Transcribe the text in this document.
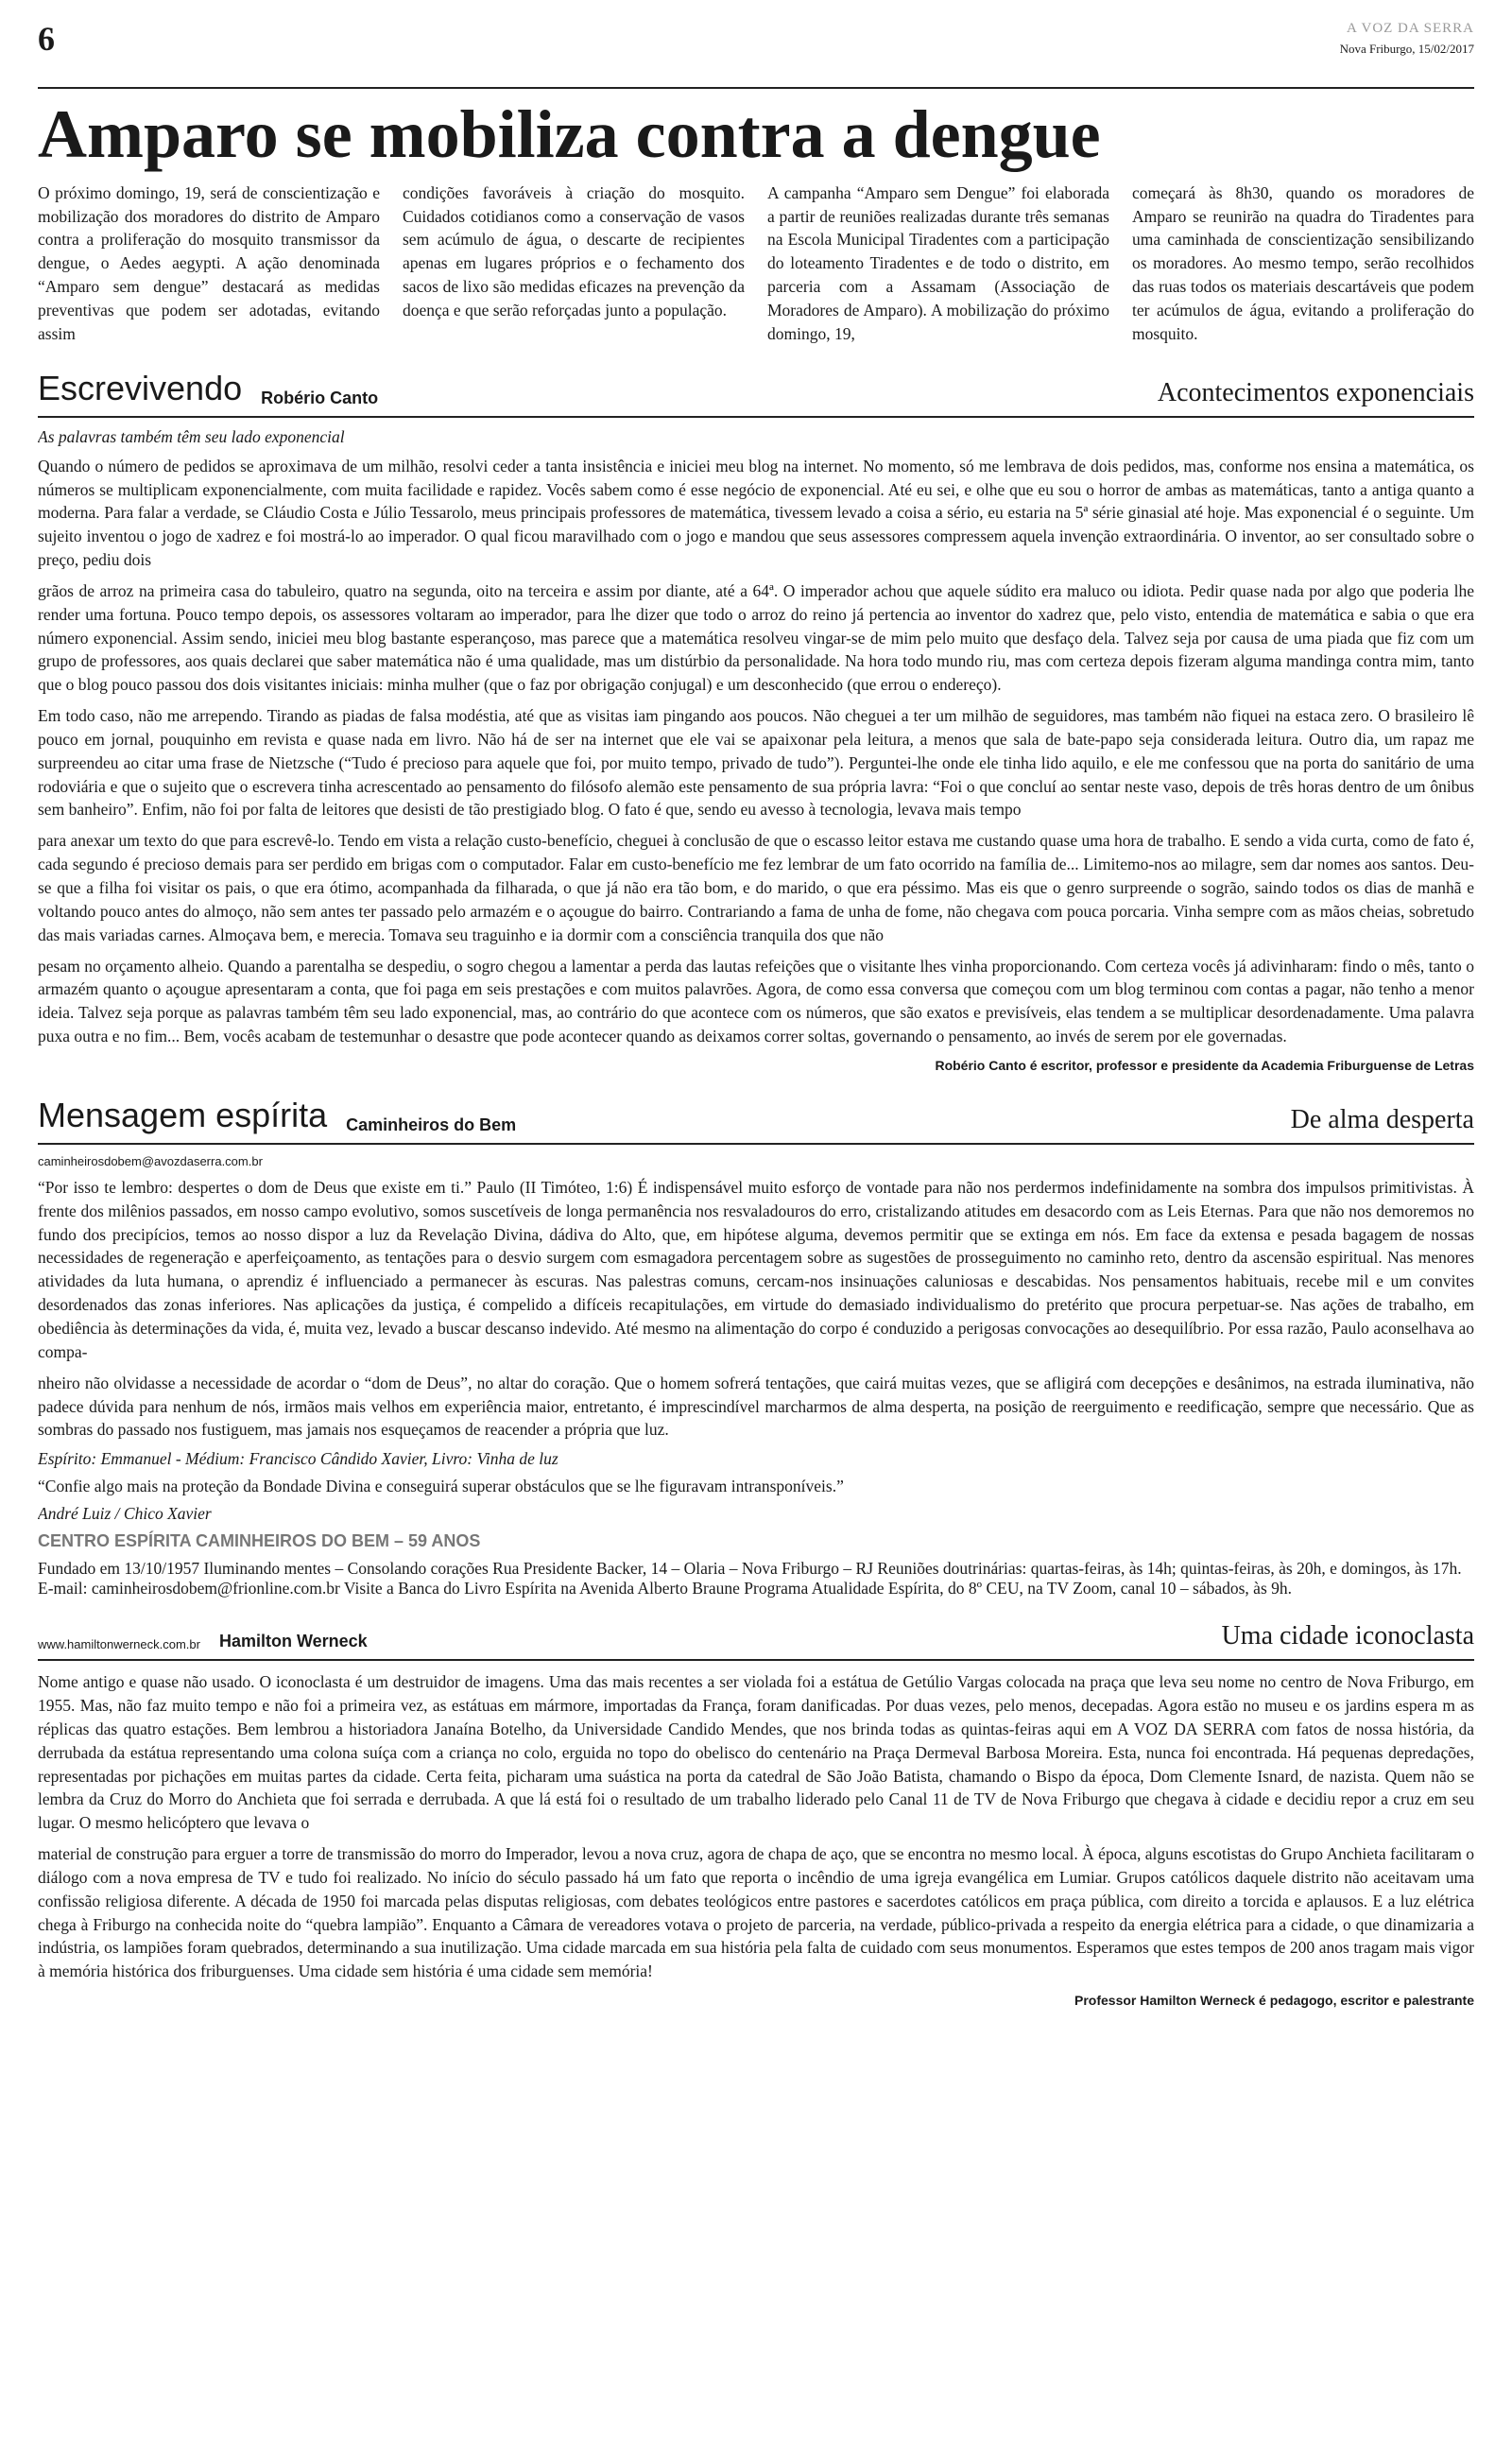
6	A VOZ DA SERRA
Nova Friburgo, 15/02/2017
Amparo se mobiliza contra a dengue

O próximo domingo, 19, será de conscientização e mobilização dos moradores do distrito de Amparo contra a proliferação do mosquito transmissor da dengue, o Aedes aegypti. A ação denominada “Amparo sem dengue” destacará as medidas preventivas que podem ser adotadas, evitando assim

condições favoráveis à criação do mosquito. Cuidados cotidianos como a conservação de vasos sem acúmulo de água, o descarte de recipientes apenas em lugares próprios e o fechamento dos sacos de lixo são medidas eficazes na prevenção da doença e que serão reforçadas junto a população.

A campanha “Amparo sem Dengue” foi elaborada a partir de reuniões realizadas durante três semanas na Escola Municipal Tiradentes com a participação do loteamento Tiradentes e de todo o distrito, em parceria com a Assamam (Associação de Moradores de Amparo). A mobilização do próximo domingo, 19,

começará às 8h30, quando os moradores de Amparo se reunirão na quadra do Tiradentes para uma caminhada de conscientização sensibilizando os moradores. Ao mesmo tempo, serão recolhidos das ruas todos os materiais descartáveis que podem ter acúmulos de água, evitando a proliferação do mosquito.

Escrevivendo Robério Canto	Acontecimentos exponenciais
As palavras também têm seu lado exponencial

Quando o número de pedidos se aproximava de um milhão, resolvi ceder a tanta insistência e iniciei meu blog na internet. No momento, só me lembrava de dois pedidos, mas, conforme nos ensina a matemática, os números se multiplicam exponencialmente, com muita facilidade e rapidez. Vocês sabem como é esse negócio de exponencial. Até eu sei, e olhe que eu sou o horror de ambas as matemáticas, tanto a antiga quanto a moderna. Para falar a verdade, se Cláudio Costa e Júlio Tessarolo, meus principais professores de matemática, tivessem levado a coisa a sério, eu estaria na 5ª série ginasial até hoje. Mas exponencial é o seguinte. Um sujeito inventou o jogo de xadrez e foi mostrá-lo ao imperador. O qual ficou maravilhado com o jogo e mandou que seus assessores compressem aquela invenção extraordinária. O inventor, ao ser consultado sobre o preço, pediu dois

grãos de arroz na primeira casa do tabuleiro, quatro na segunda, oito na terceira e assim por diante, até a 64ª. O imperador achou que aquele súdito era maluco ou idiota. Pedir quase nada por algo que poderia lhe render uma fortuna. Pouco tempo depois, os assessores voltaram ao imperador, para lhe dizer que todo o arroz do reino já pertencia ao inventor do xadrez que, pelo visto, entendia de matemática e sabia o que era número exponencial. Assim sendo, iniciei meu blog bastante esperançoso, mas parece que a matemática resolveu vingar-se de mim pelo muito que desfaço dela. Talvez seja por causa de uma piada que fiz com um grupo de professores, aos quais declarei que saber matemática não é uma qualidade, mas um distúrbio da personalidade. Na hora todo mundo riu, mas com certeza depois fizeram alguma mandinga contra mim, tanto que o blog pouco passou dos dois visitantes iniciais: minha mulher (que o faz por obrigação conjugal) e um desconhecido (que errou o endereço).

Em todo caso, não me arrependo. Tirando as piadas de falsa modéstia, até que as visitas iam pingando aos poucos. Não cheguei a ter um milhão de seguidores, mas também não fiquei na estaca zero. O brasileiro lê pouco em jornal, pouquinho em revista e quase nada em livro. Não há de ser na internet que ele vai se apaixonar pela leitura, a menos que sala de bate-papo seja considerada leitura. Outro dia, um rapaz me surpreendeu ao citar uma frase de Nietzsche (“Tudo é precioso para aquele que foi, por muito tempo, privado de tudo”). Perguntei-lhe onde ele tinha lido aquilo, e ele me confessou que na porta do sanitário de uma rodoviária e que o sujeito que o escrevera tinha acrescentado ao pensamento do filósofo alemão este pensamento de sua própria lavra: “Foi o que concluí ao sentar neste vaso, depois de três horas dentro de um ônibus sem banheiro”. Enfim, não foi por falta de leitores que desisti de tão prestigiado blog. O fato é que, sendo eu avesso à tecnologia, levava mais tempo

para anexar um texto do que para escrevê-lo. Tendo em vista a relação custo-benefício, cheguei à conclusão de que o escasso leitor estava me custando quase uma hora de trabalho. E sendo a vida curta, como de fato é, cada segundo é precioso demais para ser perdido em brigas com o computador. Falar em custo-benefício me fez lembrar de um fato ocorrido na família de... Limitemo-nos ao milagre, sem dar nomes aos santos. Deu-se que a filha foi visitar os pais, o que era ótimo, acompanhada da filharada, o que já não era tão bom, e do marido, o que era péssimo. Mas eis que o genro surpreende o sogrão, saindo todos os dias de manhã e voltando pouco antes do almoço, não sem antes ter passado pelo armazém e o açougue do bairro. Contrariando a fama de unha de fome, não chegava com pouca porcaria. Vinha sempre com as mãos cheias, sobretudo das mais variadas carnes. Almoçava bem, e merecia. Tomava seu traguinho e ia dormir com a consciência tranquila dos que não

pesam no orçamento alheio. Quando a parentalha se despediu, o sogro chegou a lamentar a perda das lautas refeições que o visitante lhes vinha proporcionando. Com certeza vocês já adivinharam: findo o mês, tanto o armazém quanto o açougue apresentaram a conta, que foi paga em seis prestações e com muitos palavrões. Agora, de como essa conversa que começou com um blog terminou com contas a pagar, não tenho a menor ideia. Talvez seja porque as palavras também têm seu lado exponencial, mas, ao contrário do que acontece com os números, que são exatos e previsíveis, elas tendem a se multiplicar desordenadamente. Uma palavra puxa outra e no fim... Bem, vocês acabam de testemunhar o desastre que pode acontecer quando as deixamos correr soltas, governando o pensamento, ao invés de serem por ele governadas.

Robério Canto é escritor, professor e presidente da Academia Friburguense de Letras
Mensagem espírita Caminheiros do Bem	De alma desperta
caminheirosdobem@avozdaserra.com.br

“Por isso te lembro: despertes o dom de Deus que existe em ti.” Paulo (II Timóteo, 1:6) É indispensável muito esforço de vontade para não nos perdermos indefinidamente na sombra dos impulsos primitivistas. À frente dos milênios passados, em nosso campo evolutivo, somos suscetíveis de longa permanência nos resvaladouros do erro, cristalizando atitudes em desacordo com as Leis Eternas. Para que não nos demoremos no fundo dos precipícios, temos ao nosso dispor a luz da Revelação Divina, dádiva do Alto, que, em hipótese alguma, devemos permitir que se extinga em nós. Em face da extensa e pesada bagagem de nossas necessidades de regeneração e aperfeiçoamento, as tentações para o desvio surgem com esmagadora percentagem sobre as sugestões de prosseguimento no caminho reto, dentro da ascensão espiritual. Nas menores atividades da luta humana, o aprendiz é influenciado a permanecer às escuras. Nas palestras comuns, cercam-nos insinuações caluniosas e descabidas. Nos pensamentos habituais, recebe mil e um convites desordenados das zonas inferiores. Nas aplicações da justiça, é compelido a difíceis recapitulações, em virtude do demasiado individualismo do pretérito que procura perpetuar-se. Nas ações de trabalho, em obediência às determinações da vida, é, muita vez, levado a buscar descanso indevido. Até mesmo na alimentação do corpo é conduzido a perigosas convocações ao desequilíbrio. Por essa razão, Paulo aconselhava ao compa-

nheiro não olvidasse a necessidade de acordar o “dom de Deus”, no altar do coração. Que o homem sofrerá tentações, que cairá muitas vezes, que se afligirá com decepções e desânimos, na estrada iluminativa, não padece dúvida para nenhum de nós, irmãos mais velhos em experiência maior, entretanto, é imprescindível marcharmos de alma desperta, na posição de reerguimento e reedificação, sempre que necessário. Que as sombras do passado nos fustiguem, mas jamais nos esqueçamos de reacender a própria que luz.

Espírito: Emmanuel - Médium: Francisco Cândido Xavier, Livro: Vinha de luz
“Confie algo mais na proteção da Bondade Divina e conseguirá superar obstáculos que se lhe figuravam intransponíveis.”
André Luiz / Chico Xavier
CENTRO ESPÍRITA CAMINHEIROS DO BEM – 59 ANOS
Fundado em 13/10/1957 Iluminando mentes – Consolando corações Rua Presidente Backer, 14 – Olaria – Nova Friburgo – RJ Reuniões doutrinárias: quartas-feiras, às 14h; quintas-feiras, às 20h, e domingos, às 17h. E-mail: caminheirosdobem@frionline.com.br Visite a Banca do Livro Espírita na Avenida Alberto Braune Programa Atualidade Espírita, do 8º CEU, na TV Zoom, canal 10 – sábados, às 9h.
www.hamiltonwerneck.com.br Hamilton Werneck	Uma cidade iconoclasta

Nome antigo e quase não usado. O iconoclasta é um destruidor de imagens. Uma das mais recentes a ser violada foi a estátua de Getúlio Vargas colocada na praça que leva seu nome no centro de Nova Friburgo, em 1955. Mas, não faz muito tempo e não foi a primeira vez, as estátuas em mármore, importadas da França, foram danificadas. Por duas vezes, pelo menos, decepadas. Agora estão no museu e os jardins espera m as réplicas das quatro estações. Bem lembrou a historiadora Janaína Botelho, da Universidade Candido Mendes, que nos brinda todas as quintas-feiras aqui em A VOZ DA SERRA com fatos de nossa história, da derrubada da estátua representando uma colona suíça com a criança no colo, erguida no topo do obelisco do centenário na Praça Dermeval Barbosa Moreira. Esta, nunca foi encontrada. Há pequenas depredações, representadas por pichações em muitas partes da cidade. Certa feita, picharam uma suástica na porta da catedral de São João Batista, chamando o Bispo da época, Dom Clemente Isnard, de nazista. Quem não se lembra da Cruz do Morro do Anchieta que foi serrada e derrubada. A que lá está foi o resultado de um trabalho liderado pelo Canal 11 de TV de Nova Friburgo que chegava à cidade e decidiu repor a cruz em seu lugar. O mesmo helicóptero que levava o

material de construção para erguer a torre de transmissão do morro do Imperador, levou a nova cruz, agora de chapa de aço, que se encontra no mesmo local. À época, alguns escotistas do Grupo Anchieta facilitaram o diálogo com a nova empresa de TV e tudo foi realizado. No início do século passado há um fato que reporta o incêndio de uma igreja evangélica em Lumiar. Grupos católicos daquele distrito não aceitavam uma confissão religiosa diferente. A década de 1950 foi marcada pelas disputas religiosas, com debates teológicos entre pastores e sacerdotes católicos em praça pública, com direito a torcida e aplausos. E a luz elétrica chega à Friburgo na conhecida noite do “quebra lampião”. Enquanto a Câmara de vereadores votava o projeto de parceria, na verdade, público-privada a respeito da energia elétrica para a cidade, o que dinamizaria a indústria, os lampiões foram quebrados, determinando a sua inutilização. Uma cidade marcada em sua história pela falta de cuidado com seus monumentos. Esperamos que estes tempos de 200 anos tragam mais vigor à memória histórica dos friburguenses. Uma cidade sem história é uma cidade sem memória!

Professor Hamilton Werneck é pedagogo, escritor e palestrante
